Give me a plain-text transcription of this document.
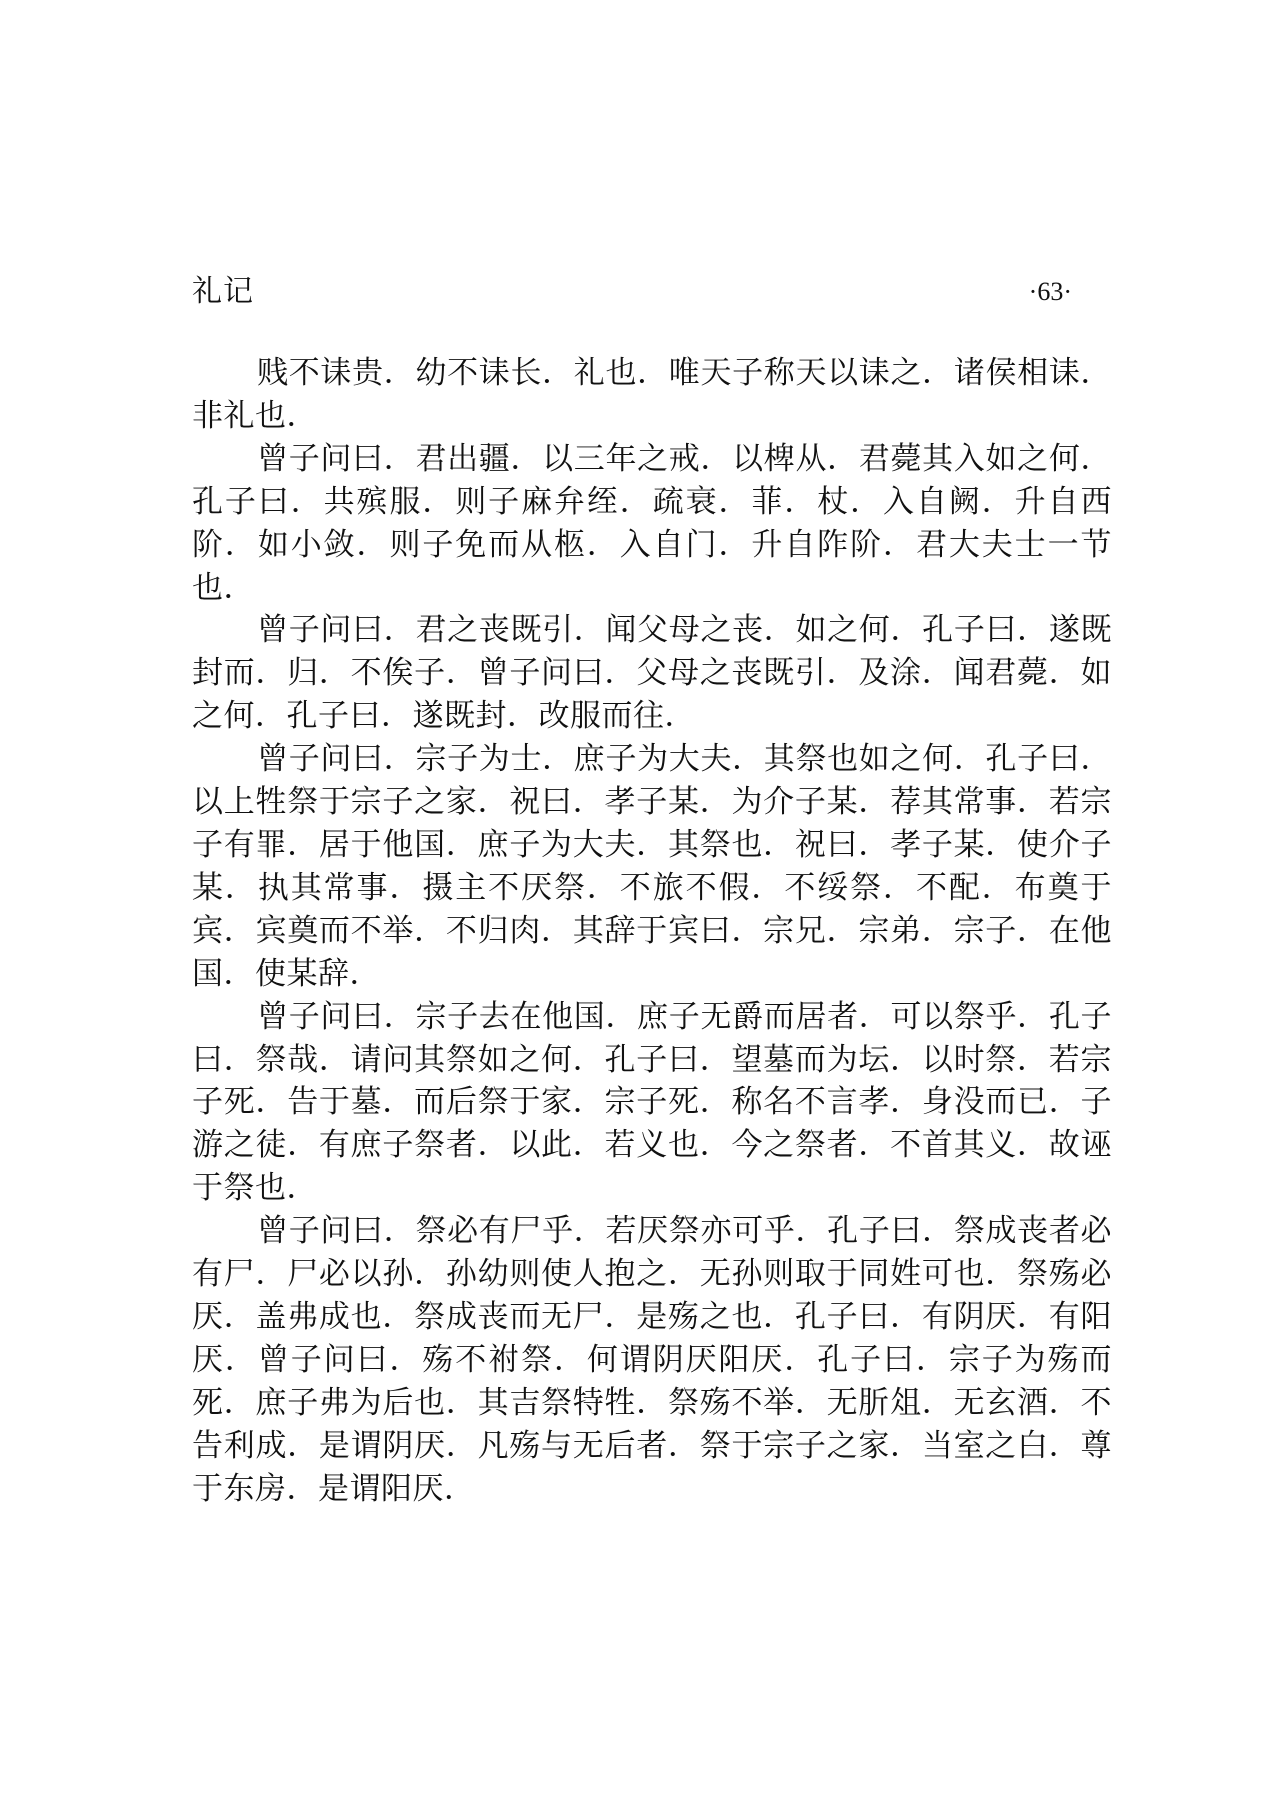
礼记	·63·

贱不诔贵．幼不诔长．礼也．唯天子称天以诔之．诸侯相诔．非礼也．

曾子问曰．君出疆．以三年之戒．以椑从．君薨其入如之何．孔子曰．共殡服．则子麻弁绖．疏衰．菲．杖．入自阙．升自西阶．如小敛．则子免而从柩．入自门．升自阼阶．君大夫士一节也．

曾子问曰．君之丧既引．闻父母之丧．如之何．孔子曰．遂既封而．归．不俟子．曾子问曰．父母之丧既引．及涂．闻君薨．如之何．孔子曰．遂既封．改服而往．

曾子问曰．宗子为士．庶子为大夫．其祭也如之何．孔子曰．以上牲祭于宗子之家．祝曰．孝子某．为介子某．荐其常事．若宗子有罪．居于他国．庶子为大夫．其祭也．祝曰．孝子某．使介子某．执其常事．摄主不厌祭．不旅不假．不绥祭．不配．布奠于宾．宾奠而不举．不归肉．其辞于宾曰．宗兄．宗弟．宗子．在他国．使某辞．

曾子问曰．宗子去在他国．庶子无爵而居者．可以祭乎．孔子曰．祭哉．请问其祭如之何．孔子曰．望墓而为坛．以时祭．若宗子死．告于墓．而后祭于家．宗子死．称名不言孝．身没而已．子游之徒．有庶子祭者．以此．若义也．今之祭者．不首其义．故诬于祭也．

曾子问曰．祭必有尸乎．若厌祭亦可乎．孔子曰．祭成丧者必有尸．尸必以孙．孙幼则使人抱之．无孙则取于同姓可也．祭殇必厌．盖弗成也．祭成丧而无尸．是殇之也．孔子曰．有阴厌．有阳厌．曾子问曰．殇不祔祭．何谓阴厌阳厌．孔子曰．宗子为殇而死．庶子弗为后也．其吉祭特牲．祭殇不举．无肵俎．无玄酒．不告利成．是谓阴厌．凡殇与无后者．祭于宗子之家．当室之白．尊于东房．是谓阳厌．
